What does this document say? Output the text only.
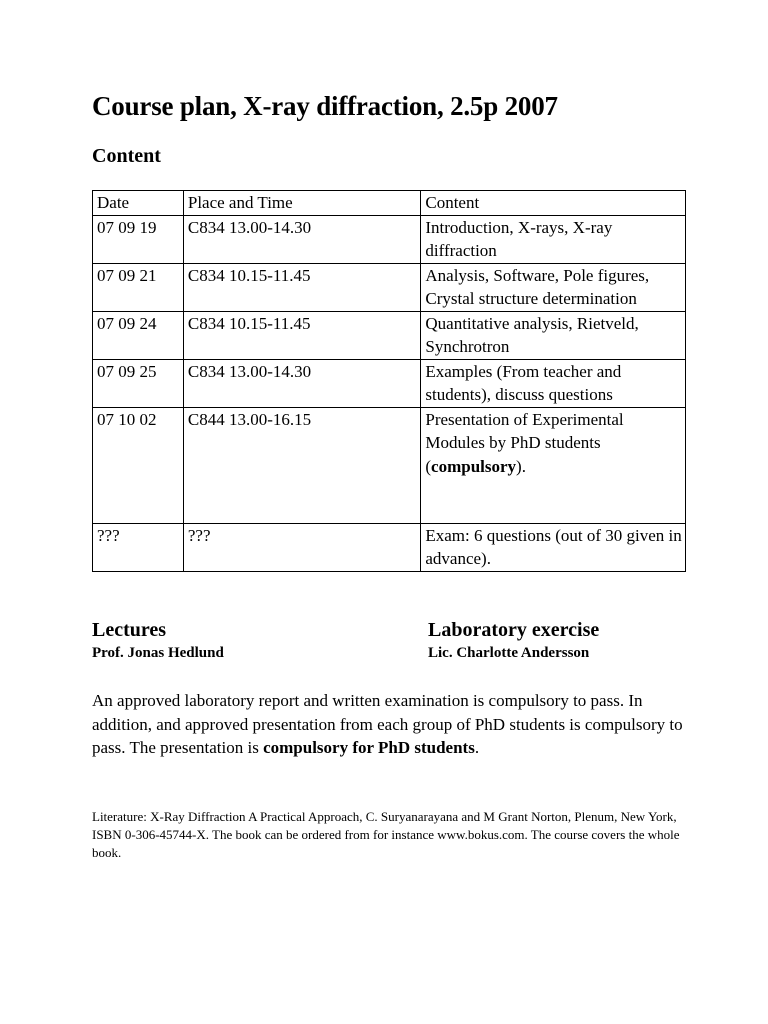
Course plan, X-ray diffraction, 2.5p 2007
Content
Date	Place and Time	Content
07 09 19	C834 13.00-14.30	Introduction, X-rays, X-ray diffraction
07 09 21	C834 10.15-11.45	Analysis, Software, Pole figures, Crystal structure determination
07 09 24	C834 10.15-11.45	Quantitative analysis, Rietveld, Synchrotron
07 09 25	C834 13.00-14.30	Examples (From teacher and students), discuss questions
07 10 02	C844 13.00-16.15	Presentation of Experimental Modules by PhD students (compulsory).
???	???	Exam: 6 questions (out of 30 given in advance).
Lectures
Prof. Jonas Hedlund
Laboratory exercise
Lic. Charlotte Andersson

An approved laboratory report and written examination is compulsory to pass. In addition, and approved presentation from each group of PhD students is compulsory to pass. The presentation is compulsory for PhD students.

Literature: X-Ray Diffraction A Practical Approach, C. Suryanarayana and M Grant Norton, Plenum, New York, ISBN 0-306-45744-X. The book can be ordered from for instance www.bokus.com. The course covers the whole book.
